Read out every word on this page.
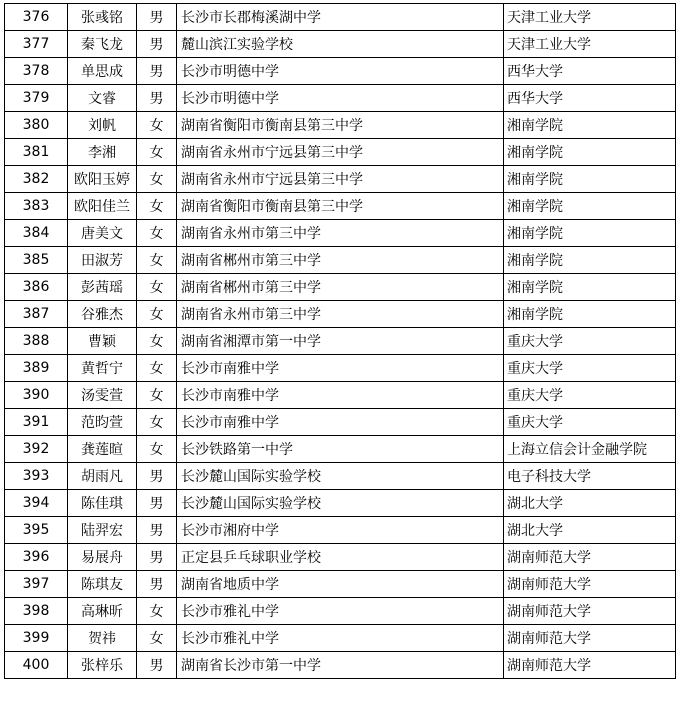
376	张彧铭	男	长沙市长郡梅溪湖中学	天津工业大学
377	秦飞龙	男	麓山滨江实验学校	天津工业大学
378	单思成	男	长沙市明德中学	西华大学
379	文睿	男	长沙市明德中学	西华大学
380	刘帆	女	湖南省衡阳市衡南县第三中学	湘南学院
381	李湘	女	湖南省永州市宁远县第三中学	湘南学院
382	欧阳玉婷	女	湖南省永州市宁远县第三中学	湘南学院
383	欧阳佳兰	女	湖南省衡阳市衡南县第三中学	湘南学院
384	唐美文	女	湖南省永州市第三中学	湘南学院
385	田淑芳	女	湖南省郴州市第三中学	湘南学院
386	彭茜瑶	女	湖南省郴州市第三中学	湘南学院
387	谷雅杰	女	湖南省永州市第三中学	湘南学院
388	曹颖	女	湖南省湘潭市第一中学	重庆大学
389	黄哲宁	女	长沙市南雅中学	重庆大学
390	汤雯萱	女	长沙市南雅中学	重庆大学
391	范昀萱	女	长沙市南雅中学	重庆大学
392	龚莲暄	女	长沙铁路第一中学	上海立信会计金融学院
393	胡雨凡	男	长沙麓山国际实验学校	电子科技大学
394	陈佳琪	男	长沙麓山国际实验学校	湖北大学
395	陆羿宏	男	长沙市湘府中学	湖北大学
396	易展舟	男	正定县乒乓球职业学校	湖南师范大学
397	陈琪友	男	湖南省地质中学	湖南师范大学
398	高琳昕	女	长沙市雅礼中学	湖南师范大学
399	贺祎	女	长沙市雅礼中学	湖南师范大学
400	张梓乐	男	湖南省长沙市第一中学	湖南师范大学
